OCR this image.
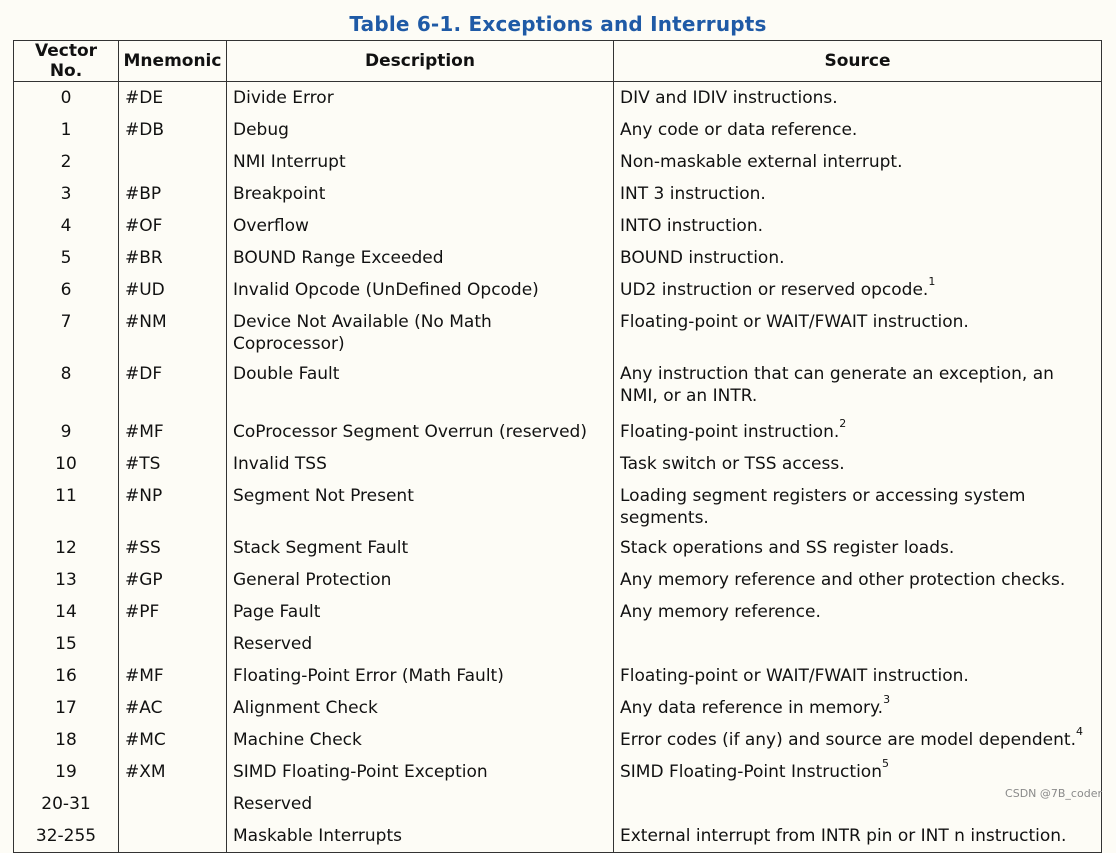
Table 6-1. Exceptions and Interrupts
Vector No.	Mnemonic	Description	Source
0	#DE	Divide Error	DIV and IDIV instructions.
1	#DB	Debug	Any code or data reference.
2		NMI Interrupt	Non-maskable external interrupt.
3	#BP	Breakpoint	INT 3 instruction.
4	#OF	Overflow	INTO instruction.
5	#BR	BOUND Range Exceeded	BOUND instruction.
6	#UD	Invalid Opcode (UnDefined Opcode)	UD2 instruction or reserved opcode.$^1$
7	#NM	Device Not Available (No Math Coprocessor)	Floating-point or WAIT/FWAIT instruction.
8	#DF	Double Fault	Any instruction that can generate an exception, an NMI, or an INTR.
9	#MF	CoProcessor Segment Overrun (reserved)	Floating-point instruction.$^2$
10	#TS	Invalid TSS	Task switch or TSS access.
11	#NP	Segment Not Present	Loading segment registers or accessing system segments.
12	#SS	Stack Segment Fault	Stack operations and SS register loads.
13	#GP	General Protection	Any memory reference and other protection checks.
14	#PF	Page Fault	Any memory reference.
15		Reserved	
16	#MF	Floating-Point Error (Math Fault)	Floating-point or WAIT/FWAIT instruction.
17	#AC	Alignment Check	Any data reference in memory.$^3$
18	#MC	Machine Check	Error codes (if any) and source are model dependent.$^4$
19	#XM	SIMD Floating-Point Exception	SIMD Floating-Point Instruction$^5$
20-31		Reserved	
32-255		Maskable Interrupts	External interrupt from INTR pin or INT n instruction.
CSDN @7B_coder
